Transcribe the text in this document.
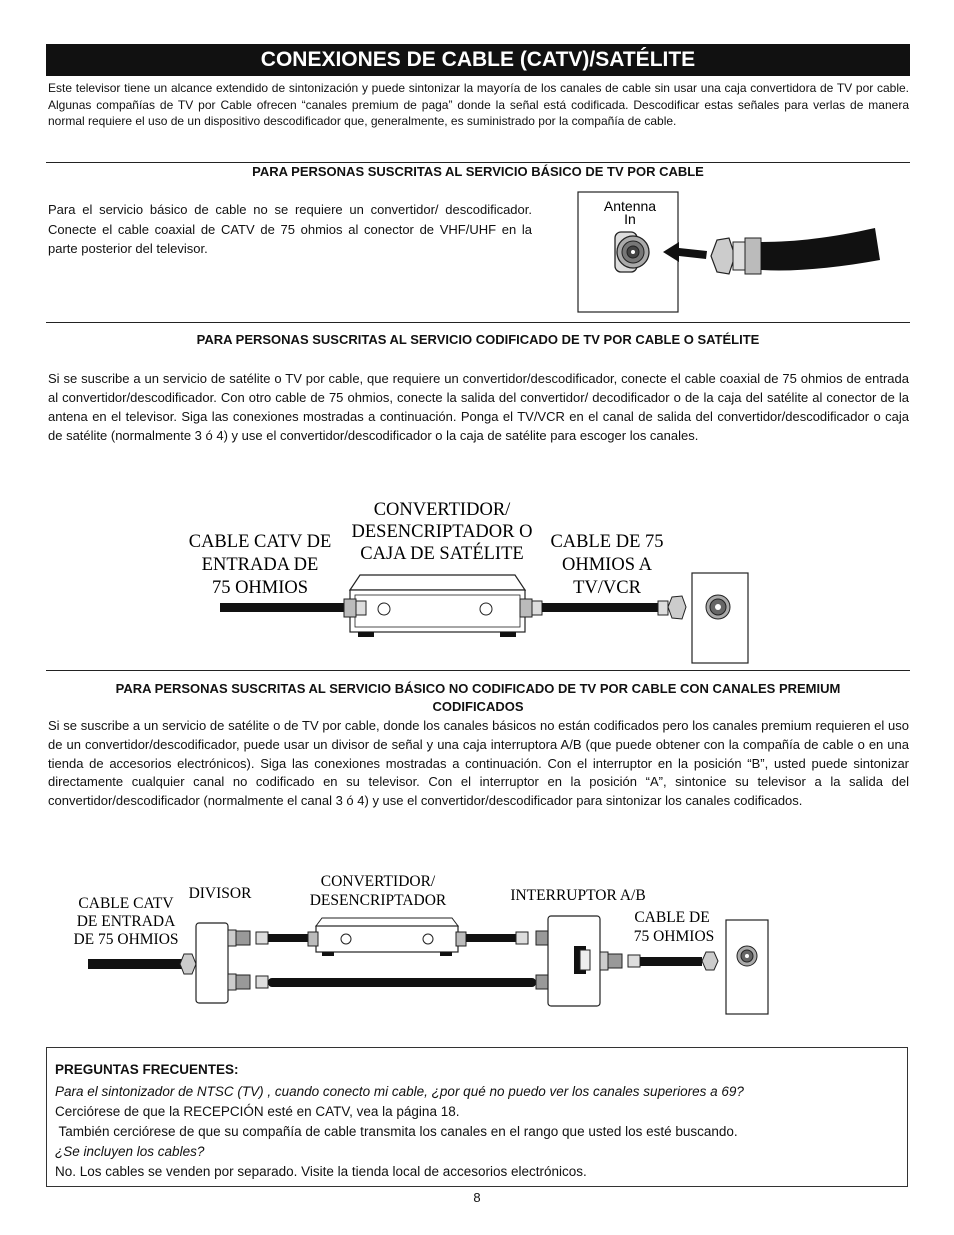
CONEXIONES DE CABLE (CATV)/SATÉLITE

Este televisor tiene un alcance extendido de sintonización y puede sintonizar la mayoría de los canales de cable sin usar una caja convertidora de TV por cable. Algunas compañías de TV por Cable ofrecen “canales premium de paga” donde la señal está codificada. Descodificar estas señales para verlas de manera normal requiere el uso de un dispositivo descodificador que, generalmente, es suministrado por la compañía de cable.

PARA PERSONAS SUSCRITAS AL SERVICIO BÁSICO DE TV POR CABLE

Para el servicio básico de cable no se requiere un convertidor/ descodificador. Conecte el cable coaxial de CATV de 75 ohmios al conector de VHF/UHF en la parte posterior del televisor.

Antenna
In
PARA PERSONAS SUSCRITAS AL SERVICIO CODIFICADO DE TV POR CABLE O SATÉLITE

Si se suscribe a un servicio de satélite o TV por cable, que requiere un convertidor/descodificador, conecte el cable coaxial de 75 ohmios de entrada al convertidor/descodificador. Con otro cable de 75 ohmios, conecte la salida del convertidor/ decodificador o de la caja del satélite al conector de la antena en el televisor. Siga las conexiones mostradas a continuación. Ponga el TV/VCR en el canal de salida del convertidor/descodificador o caja de satélite (normalmente 3 ó 4) y use el convertidor/descodificador o la caja de satélite para escoger los canales.

CABLE CATV DE
ENTRADA DE
75 OHMIOS
CONVERTIDOR/
DESENCRIPTADOR O
CAJA DE SATÉLITE
CABLE DE 75
OHMIOS A
TV/VCR
PARA PERSONAS SUSCRITAS AL SERVICIO BÁSICO NO CODIFICADO DE TV POR CABLE CON CANALES PREMIUM
CODIFICADOS

Si se suscribe a un servicio de satélite o de TV por cable, donde los canales básicos no están codificados pero los canales premium requieren el uso de un convertidor/descodificador, puede usar un divisor de señal y una caja interruptora A/B (que puede obtener con la compañía de cable o en una tienda de accesorios electrónicos). Siga las conexiones mostradas a continuación. Con el interruptor en la posición “B”, usted puede sintonizar directamente cualquier canal no codificado en su televisor. Con el interruptor en la posición “A”, sintonice su televisor a la salida del convertidor/descodificador (normalmente el canal 3 ó 4) y use el convertidor/descodificador para sintonizar los canales codificados.

CABLE CATV
DE ENTRADA
DE 75 OHMIOS
DIVISOR
CONVERTIDOR/
DESENCRIPTADOR	INTERRUPTOR A/B
CABLE DE
75 OHMIOS

PREGUNTAS FRECUENTES:

Para el sintonizador de NTSC (TV) , cuando conecto mi cable, ¿por qué no puedo ver los canales superiores a 69?

Cerciórese de que la RECEPCIÓN esté en CATV, vea la página 18.

También cerciórese de que su compañía de cable transmita los canales en el rango que usted los esté buscando.

¿Se incluyen los cables?

No. Los cables se venden por separado. Visite la tienda local de accesorios electrónicos.

8
